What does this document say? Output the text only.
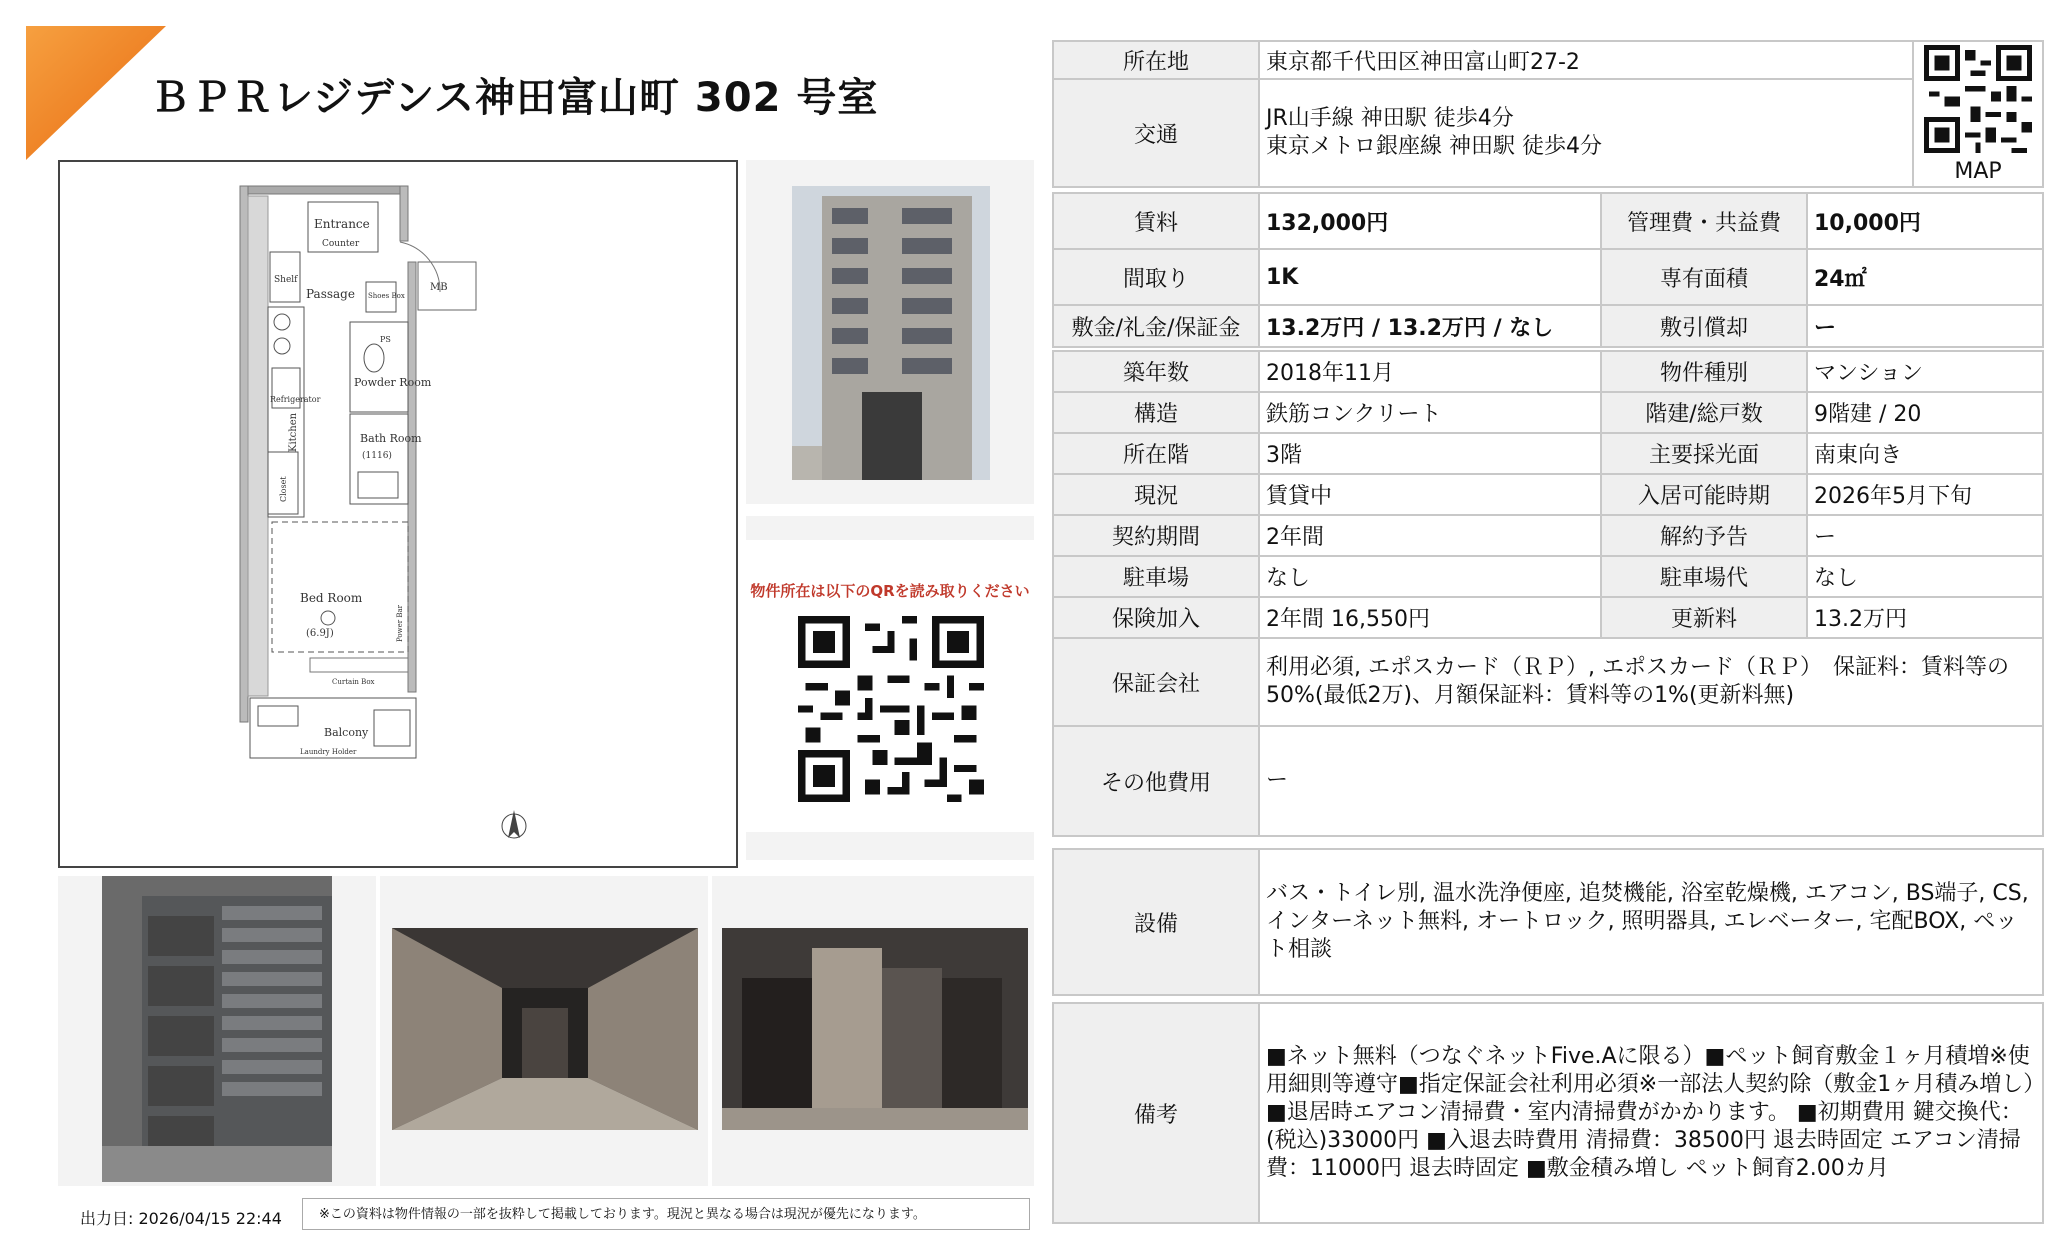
ＢＰＲレジデンス神田富山町 302 号室
MB
Entrance
Counter
Passage Shoes Box
Shelf
Kitchen
Refrigerator
Closet
Powder Room
PS
Bath Room
(1116)
Bed Room
(6.9J)	Power Bar
Curtain Box
Balcony
Laundry Holder
物件所在は以下のQRを読み取りください
出力日: 2026/04/15 22:44	※この資料は物件情報の一部を抜粋して掲載しております。現況と異なる場合は現況が優先になります。
所在地	東京都千代田区神田富山町27-2	MAP

交通	JR山手線 神田駅 徒歩4分
東京メトロ銀座線 神田駅 徒歩4分	
賃料	132,000円	管理費・共益費	10,000円
間取り	1K	専有面積	24㎡
敷金/礼金/保証金	13.2万円 / 13.2万円 / なし	敷引償却	ー
築年数	2018年11月	物件種別	マンション
構造	鉄筋コンクリート	階建/総戸数	9階建 / 20
所在階	3階	主要採光面	南東向き
現況	賃貸中	入居可能時期	2026年5月下旬
契約期間	2年間	解約予告	ー
駐車場	なし	駐車場代	なし
保険加入	2年間 16,550円	更新料	13.2万円
保証会社	利用必須, エポスカード（ＲＰ）, エポスカード（ＲＰ）　保証料：賃料等の50%(最低2万)、月額保証料：賃料等の1%(更新料無)		
その他費用	ー		
設備	バス・トイレ別, 温水洗浄便座, 追焚機能, 浴室乾燥機, エアコン, BS端子, CS, インターネット無料, オートロック, 照明器具, エレベーター, 宅配BOX, ペット相談
備考	■ネット無料（つなぐネットFive.Aに限る）■ペット飼育敷金１ヶ月積増※使用細則等遵守■指定保証会社利用必須※一部法人契約除（敷金1ヶ月積み増し）■退居時エアコン清掃費・室内清掃費がかかります。 ■初期費用 鍵交換代：(税込)33000円 ■入退去時費用 清掃費：38500円 退去時固定 エアコン清掃費：11000円 退去時固定 ■敷金積み増し ペット飼育2.00カ月
